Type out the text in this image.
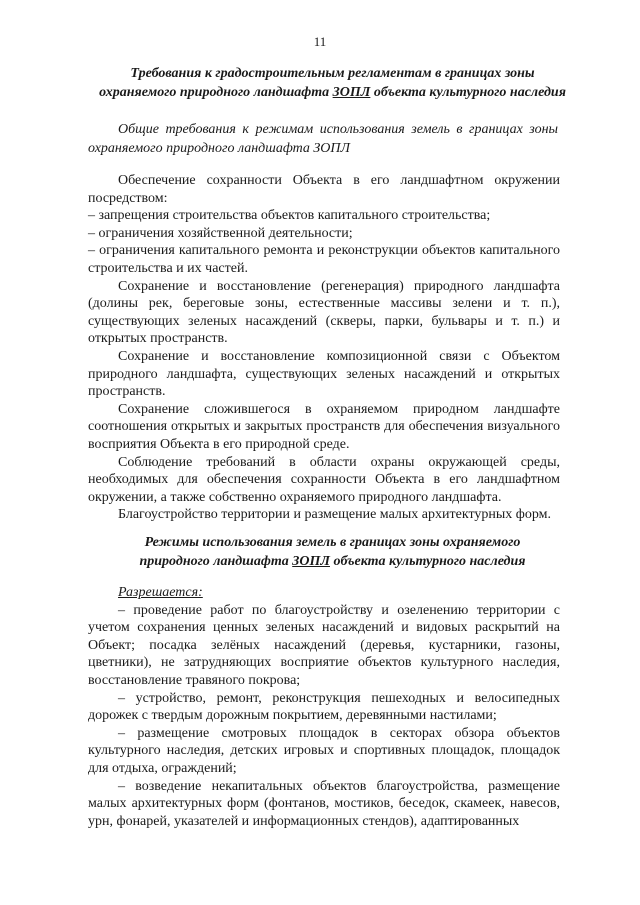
11
Требования к градостроительным регламентам в границах зоны
охраняемого природного ландшафта ЗОПЛ объекта культурного наследия
Общие требования к режимам использования земель в границах зоны охраняемого природного ландшафта ЗОПЛ

Обеспечение сохранности Объекта в его ландшафтном окружении посредством:

– запрещения строительства объектов капитального строительства;

– ограничения хозяйственной деятельности;

– ограничения капитального ремонта и реконструкции объектов капитального строительства и их частей.

Сохранение и восстановление (регенерация) природного ландшафта (долины рек, береговые зоны, естественные массивы зелени и т. п.), существующих зеленых насаждений (скверы, парки, бульвары и т. п.) и открытых пространств.

Сохранение и восстановление композиционной связи с Объектом природного ландшафта, существующих зеленых насаждений и открытых пространств.

Сохранение сложившегося в охраняемом природном ландшафте соотношения открытых и закрытых пространств для обеспечения визуального восприятия Объекта в его природной среде.

Соблюдение требований в области охраны окружающей среды, необходимых для обеспечения сохранности Объекта в его ландшафтном окружении, а также собственно охраняемого природного ландшафта.

Благоустройство территории и размещение малых архитектурных форм.

Режимы использования земель в границах зоны охраняемого
природного ландшафта ЗОПЛ объекта культурного наследия

Разрешается:

– проведение работ по благоустройству и озеленению территории с учетом сохранения ценных зеленых насаждений и видовых раскрытий на Объект; посадка зелёных насаждений (деревья, кустарники, газоны, цветники), не затрудняющих восприятие объектов культурного наследия, восстановление травяного покрова;

– устройство, ремонт, реконструкция пешеходных и велосипедных дорожек с твердым дорожным покрытием, деревянными настилами;

– размещение смотровых площадок в секторах обзора объектов культурного наследия, детских игровых и спортивных площадок, площадок для отдыха, ограждений;

– возведение некапитальных объектов благоустройства, размещение малых архитектурных форм (фонтанов, мостиков, беседок, скамеек, навесов, урн, фонарей, указателей и информационных стендов), адаптированных
